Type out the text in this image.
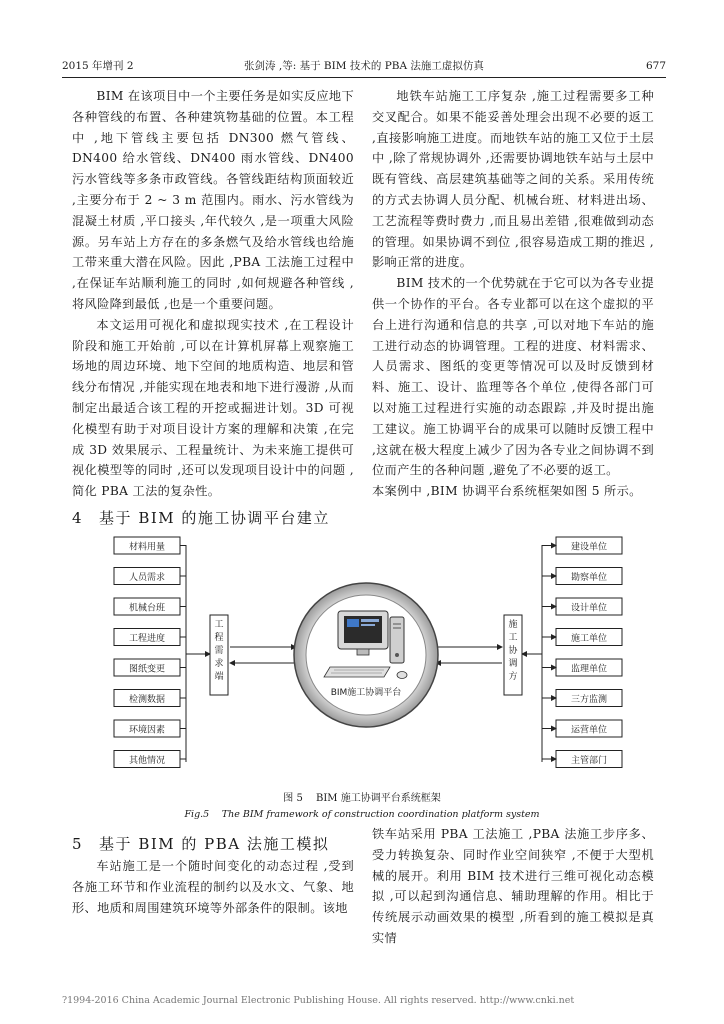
2015 年增刊 2	张剑涛 ,等: 基于 BIM 技术的 PBA 法施工虚拟仿真	677

BIM 在该项目中一个主要任务是如实反应地下各种管线的布置、各种建筑物基础的位置。本工程中 ,地下管线主要包括 DN300 燃气管线、DN400 给水管线、DN400 雨水管线、DN400 污水管线等多条市政管线。各管线距结构顶面较近 ,主要分布于 2 ~ 3 m 范围内。雨水、污水管线为混凝土材质 ,平口接头 ,年代较久 ,是一项重大风险源。另车站上方存在的多条燃气及给水管线也给施工带来重大潜在风险。因此 ,PBA 工法施工过程中 ,在保证车站顺利施工的同时 ,如何规避各种管线 ,将风险降到最低 ,也是一个重要问题。

本文运用可视化和虚拟现实技术 ,在工程设计阶段和施工开始前 ,可以在计算机屏幕上观察施工场地的周边环境、地下空间的地质构造、地层和管线分布情况 ,并能实现在地表和地下进行漫游 ,从而制定出最适合该工程的开挖或掘进计划。3D 可视化模型有助于对项目设计方案的理解和决策 ,在完成 3D 效果展示、工程量统计、为未来施工提供可视化模型等的同时 ,还可以发现项目设计中的问题 ,简化 PBA 工法的复杂性。

地铁车站施工工序复杂 ,施工过程需要多工种交叉配合。如果不能妥善处理会出现不必要的返工 ,直接影响施工进度。而地铁车站的施工又位于土层中 ,除了常规协调外 ,还需要协调地铁车站与土层中既有管线、高层建筑基础等之间的关系。采用传统的方式去协调人员分配、机械台班、材料进出场、工艺流程等费时费力 ,而且易出差错 ,很难做到动态的管理。如果协调不到位 ,很容易造成工期的推迟 ,影响正常的进度。

BIM 技术的一个优势就在于它可以为各专业提供一个协作的平台。各专业都可以在这个虚拟的平台上进行沟通和信息的共享 ,可以对地下车站的施工进行动态的协调管理。工程的进度、材料需求、人员需求、图纸的变更等情况可以及时反馈到材料、施工、设计、监理等各个单位 ,使得各部门可以对施工过程进行实施的动态跟踪 ,并及时提出施工建议。施工协调平台的成果可以随时反馈工程中 ,这就在极大程度上减少了因为各专业之间协调不到位而产生的各种问题 ,避免了不必要的返工。

本案例中 ,BIM 协调平台系统框架如图 5 所示。

4 基于 BIM 的施工协调平台建立
材料用量
人员需求
机械台班
工程进度
图纸变更
检测数据
环境因素
其他情况
建设单位
勘察单位
设计单位
施工单位
监理单位
三方监测
运营单位
主管部门
工程需求端
施工协调方
BIM施工协调平台
图 5 　BIM 施工协调平台系统框架
Fig.5 　The BIM framework of construction coordination platform system
5 基于 BIM 的 PBA 法施工模拟

车站施工是一个随时间变化的动态过程 ,受到各施工环节和作业流程的制约以及水文、气象、地形、地质和周围建筑环境等外部条件的限制。该地

铁车站采用 PBA 工法施工 ,PBA 法施工步序多、受力转换复杂、同时作业空间狭窄 ,不便于大型机械的展开。利用 BIM 技术进行三维可视化动态模拟 ,可以起到沟通信息、辅助理解的作用。相比于传统展示动画效果的模型 ,所看到的施工模拟是真实情

?1994-2016 China Academic Journal Electronic Publishing House. All rights reserved. http://www.cnki.net
